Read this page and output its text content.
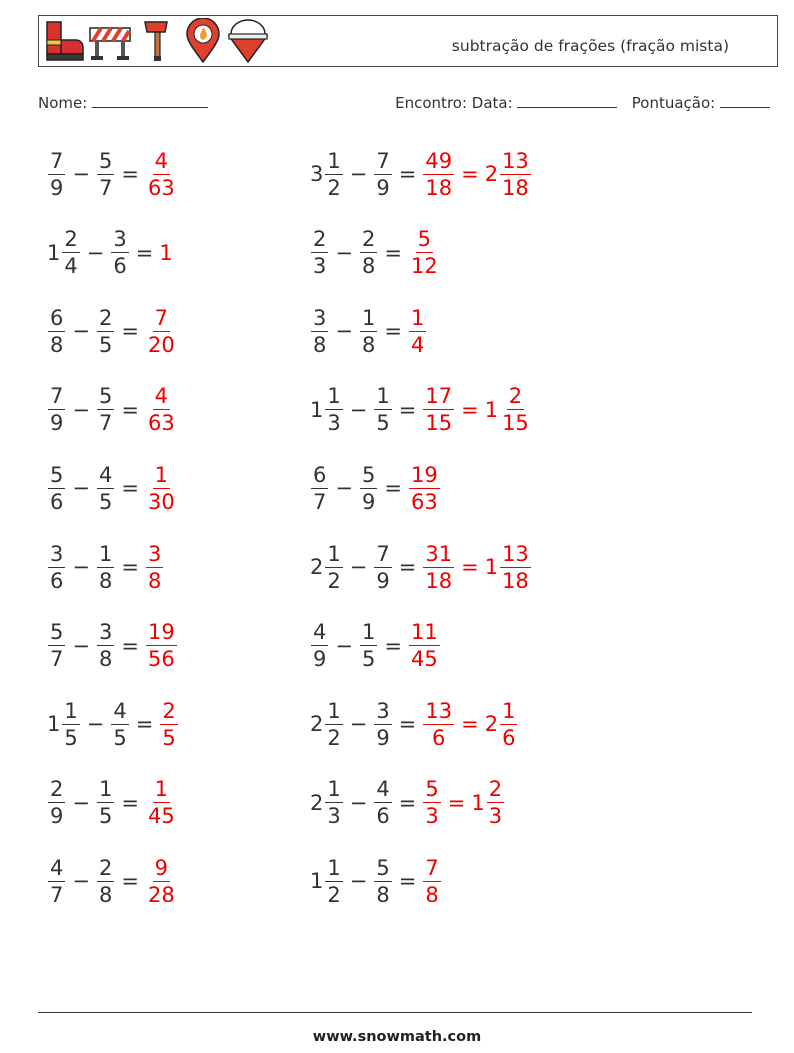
subtração de frações (fração mista)
Nome:	Encontro: Data:	Pontuação:
$\frac{7}{9} - \frac{5}{7} = \frac{4}{63}$	$3 \frac{1}{2} - \frac{7}{9} = \frac{49}{18} = 2 \frac{13}{18}$
$1 \frac{2}{4} - \frac{3}{6} = 1$	$\frac{2}{3} - \frac{2}{8} = \frac{5}{12}$
$\frac{6}{8} - \frac{2}{5} = \frac{7}{20}$	$\frac{3}{8} - \frac{1}{8} = \frac{1}{4}$
$\frac{7}{9} - \frac{5}{7} = \frac{4}{63}$	$1 \frac{1}{3} - \frac{1}{5} = \frac{17}{15} = 1 \frac{2}{15}$
$\frac{5}{6} - \frac{4}{5} = \frac{1}{30}$	$\frac{6}{7} - \frac{5}{9} = \frac{19}{63}$
$\frac{3}{6} - \frac{1}{8} = \frac{3}{8}$	$2 \frac{1}{2} - \frac{7}{9} = \frac{31}{18} = 1 \frac{13}{18}$
$\frac{5}{7} - \frac{3}{8} = \frac{19}{56}$	$\frac{4}{9} - \frac{1}{5} = \frac{11}{45}$
$1 \frac{1}{5} - \frac{4}{5} = \frac{2}{5}$	$2 \frac{1}{2} - \frac{3}{9} = \frac{13}{6} = 2 \frac{1}{6}$
$\frac{2}{9} - \frac{1}{5} = \frac{1}{45}$	$2 \frac{1}{3} - \frac{4}{6} = \frac{5}{3} = 1 \frac{2}{3}$
$\frac{4}{7} - \frac{2}{8} = \frac{9}{28}$	$1 \frac{1}{2} - \frac{5}{8} = \frac{7}{8}$
www.snowmath.com
